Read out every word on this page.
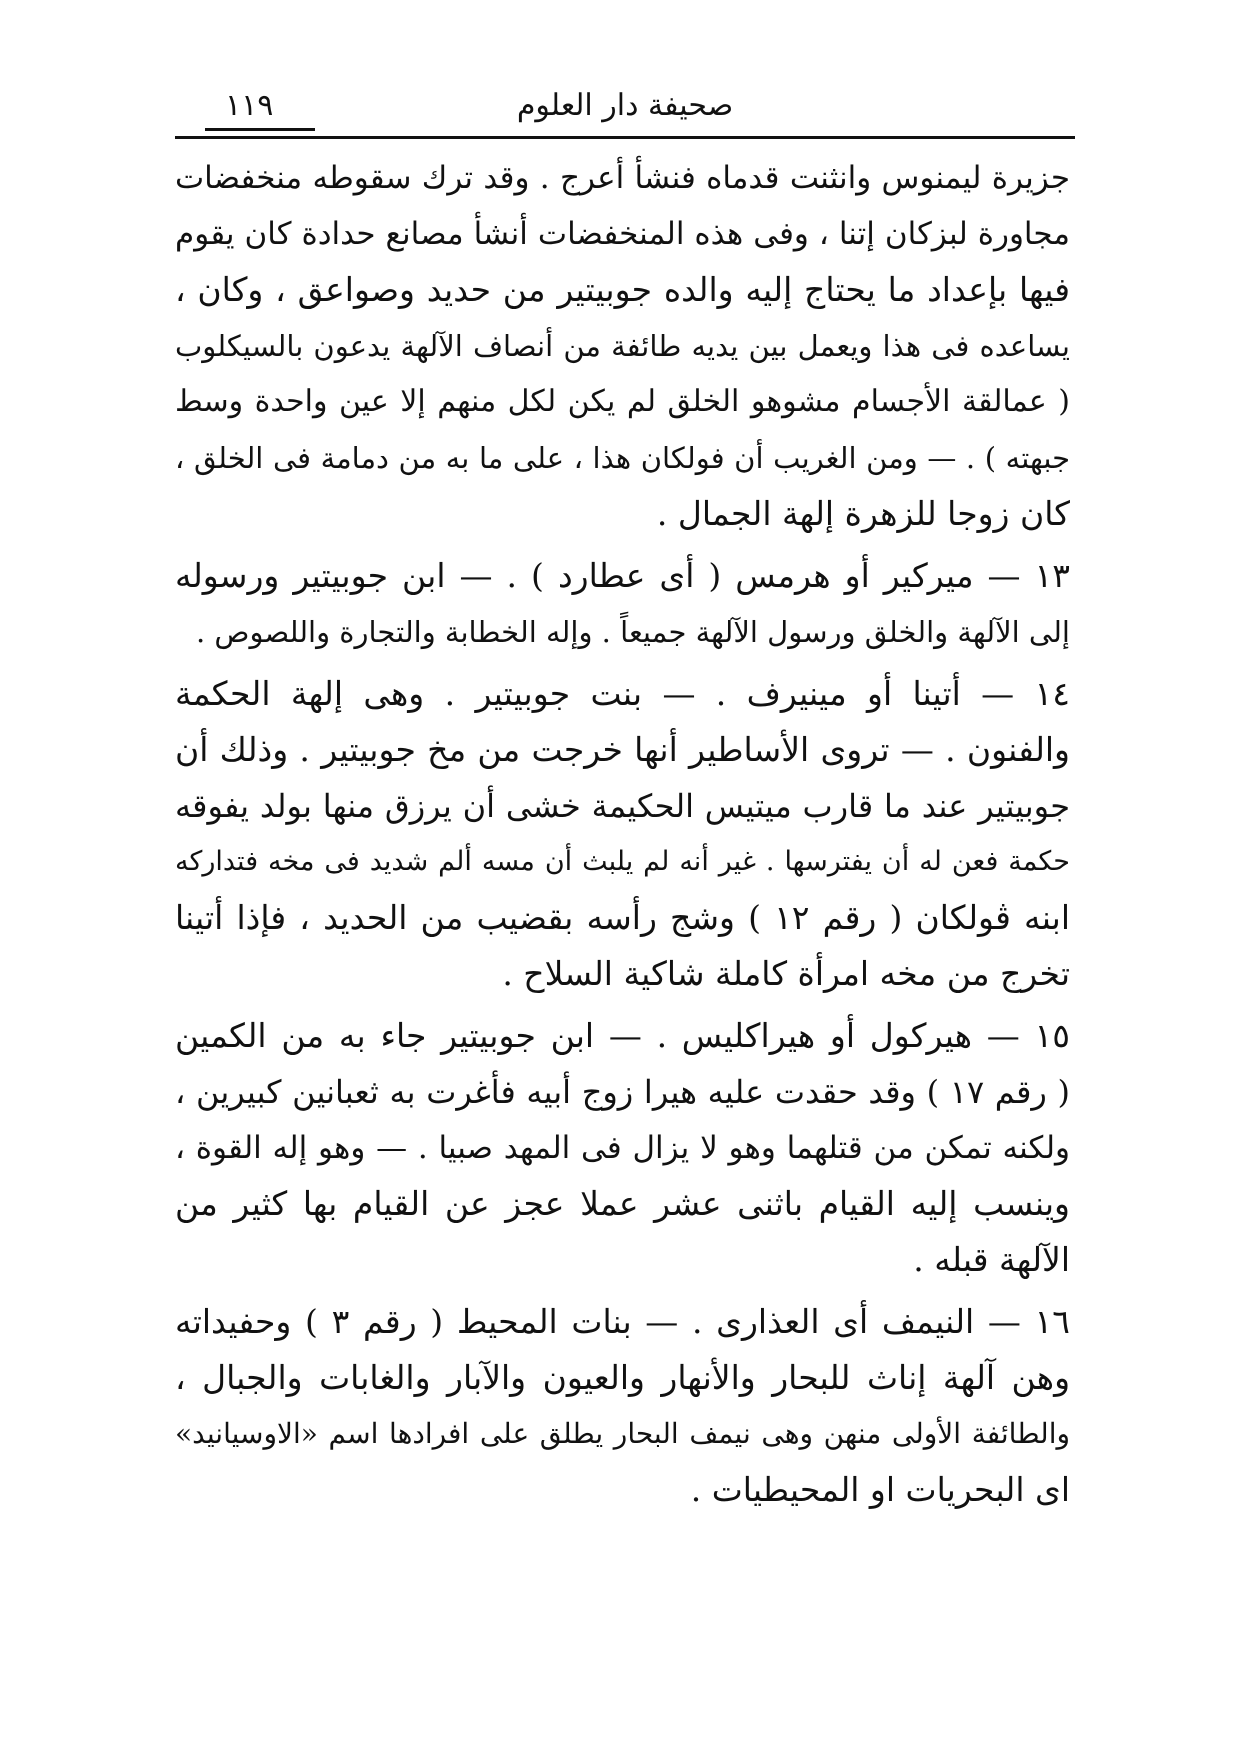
صحيفة دار العلوم
١١٩

جزيرة ليمنوس وانثنت قدماه فنشأ أعرج . وقد ترك سقوطه منخفضات
مجاورة لبزكان إتنا ، وفى هذه المنخفضات أنشأ مصانع حدادة كان يقوم
فيها بإعداد ما يحتاج إليه والده جوبيتير من حديد وصواعق ، وكان ،
يساعده فى هذا ويعمل بين يديه طائفة من أنصاف الآلهة يدعون بالسيكلوب
( عمالقة الأجسام مشوهو الخلق لم يكن لكل منهم إلا عين واحدة وسط
جبهته ) . — ومن الغريب أن فولكان هذا ، على ما به من دمامة فى الخلق ،
كان زوجا للزهرة إلهة الجمال .

١٣ — ميركير أو هرمس ( أى عطارد ) . — ابن جوبيتير ورسوله
إلى الآلهة والخلق ورسول الآلهة جميعاً . وإله الخطابة والتجارة واللصوص .

١٤ — أتينا أو مينيرف . — بنت جوبيتير . وهى إلهة الحكمة
والفنون . — تروى الأساطير أنها خرجت من مخ جوبيتير . وذلك أن
جوبيتير عند ما قارب ميتيس الحكيمة خشى أن يرزق منها بولد يفوقه
حكمة فعن له أن يفترسها . غير أنه لم يلبث أن مسه ألم شديد فى مخه فتداركه
ابنه ڤولكان ( رقم ١٢ ) وشج رأسه بقضيب من الحديد ، فإذا أتينا
تخرج من مخه امرأة كاملة شاكية السلاح .

١٥ — هيركول أو هيراكليس . — ابن جوبيتير جاء به من الكمين
( رقم ١٧ ) وقد حقدت عليه هيرا زوج أبيه فأغرت به ثعبانين كبيرين ،
ولكنه تمكن من قتلهما وهو لا يزال فى المهد صبيا . — وهو إله القوة ،
وينسب إليه القيام باثنى عشر عملا عجز عن القيام بها كثير من
الآلهة قبله .

١٦ — النيمف أى العذارى . — بنات المحيط ( رقم ٣ ) وحفيداته
وهن آلهة إناث للبحار والأنهار والعيون والآبار والغابات والجبال ،
والطائفة الأولى منهن وهى نيمف البحار يطلق على افرادها اسم «الاوسيانيد»
اى البحريات او المحيطيات .
